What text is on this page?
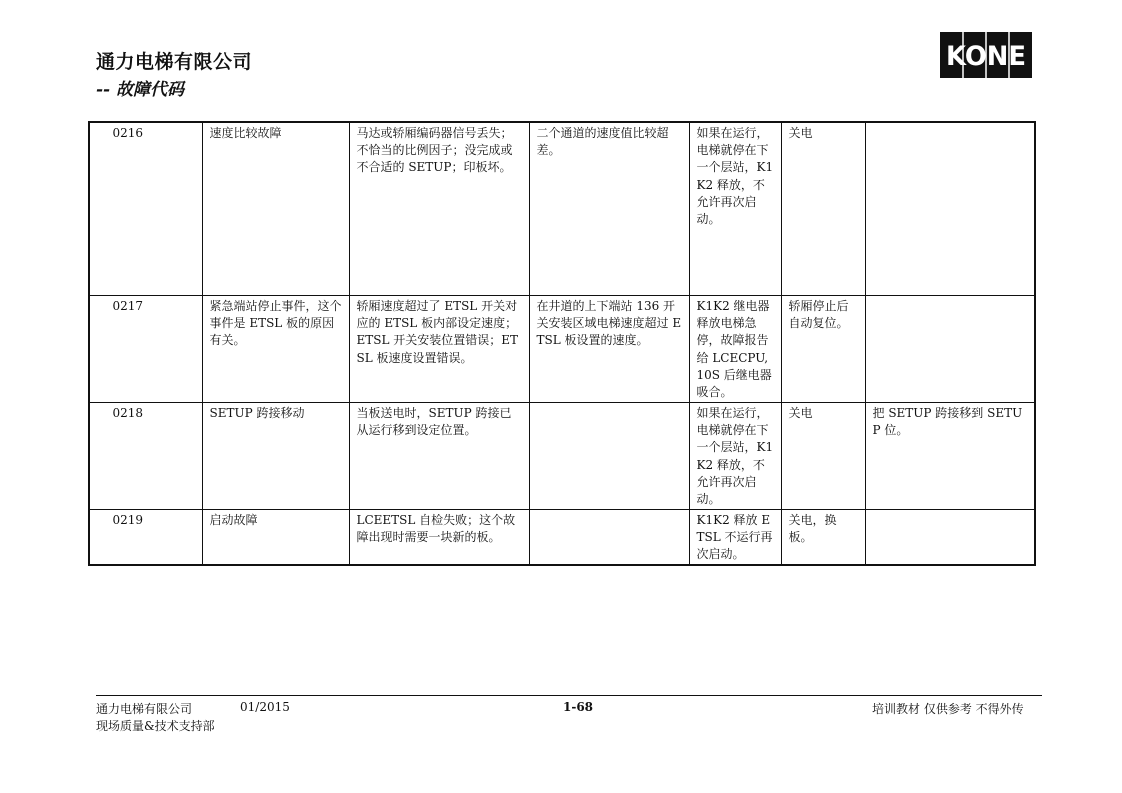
通力电梯有限公司
-- 故障代码
KONE
0216	速度比较故障	马达或轿厢编码器信号丢失；不恰当的比例因子；没完成或不合适的 SETUP；印板坏。	二个通道的速度值比较超差。	如果在运行，电梯就停在下一个层站，K1K2 释放，不允许再次启动。	关电	
0217	紧急端站停止事件，这个事件是 ETSL 板的原因有关。	轿厢速度超过了 ETSL 开关对应的 ETSL 板内部设定速度；ETSL 开关安装位置错误；ETSL 板速度设置错误。	在井道的上下端站 136 开关安装区域电梯速度超过 ETSL 板设置的速度。	K1K2 继电器释放电梯急停，故障报告给 LCECPU, 10S 后继电器吸合。	轿厢停止后自动复位。	
0218	SETUP 跨接移动	当板送电时，SETUP 跨接已从运行移到设定位置。		如果在运行，电梯就停在下一个层站，K1K2 释放，不允许再次启动。	关电	把 SETUP 跨接移到 SETUP 位。
0219	启动故障	LCEETSL 自检失败；这个故障出现时需要一块新的板。		K1K2 释放 ETSL 不运行再次启动。	关电，换板。	
通力电梯有限公司	01/2015	1-68	培训教材 仅供参考 不得外传
现场质量&技术支持部
